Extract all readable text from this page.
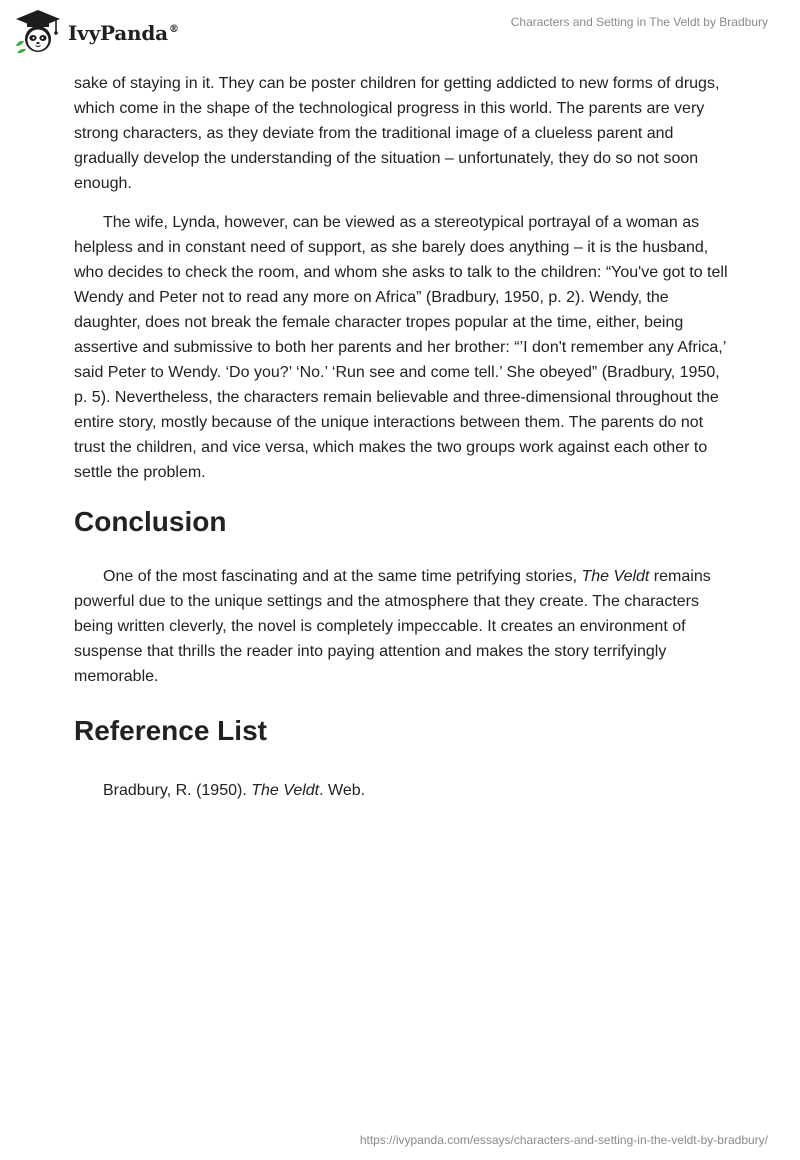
IvyPanda®
Characters and Setting in The Veldt by Bradbury

sake of staying in it. They can be poster children for getting addicted to new forms of drugs, which come in the shape of the technological progress in this world. The parents are very strong characters, as they deviate from the traditional image of a clueless parent and gradually develop the understanding of the situation – unfortunately, they do so not soon enough.

The wife, Lynda, however, can be viewed as a stereotypical portrayal of a woman as helpless and in constant need of support, as she barely does anything – it is the husband, who decides to check the room, and whom she asks to talk to the children: “You've got to tell Wendy and Peter not to read any more on Africa” (Bradbury, 1950, p. 2). Wendy, the daughter, does not break the female character tropes popular at the time, either, being assertive and submissive to both her parents and her brother: “’I don't remember any Africa,’ said Peter to Wendy. ‘Do you?’ ‘No.’ ‘Run see and come tell.’ She obeyed” (Bradbury, 1950, p. 5). Nevertheless, the characters remain believable and three-dimensional throughout the entire story, mostly because of the unique interactions between them. The parents do not trust the children, and vice versa, which makes the two groups work against each other to settle the problem.

Conclusion

One of the most fascinating and at the same time petrifying stories, The Veldt remains powerful due to the unique settings and the atmosphere that they create. The characters being written cleverly, the novel is completely impeccable. It creates an environment of suspense that thrills the reader into paying attention and makes the story terrifyingly memorable.

Reference List

Bradbury, R. (1950). The Veldt. Web.

https://ivypanda.com/essays/characters-and-setting-in-the-veldt-by-bradbury/
